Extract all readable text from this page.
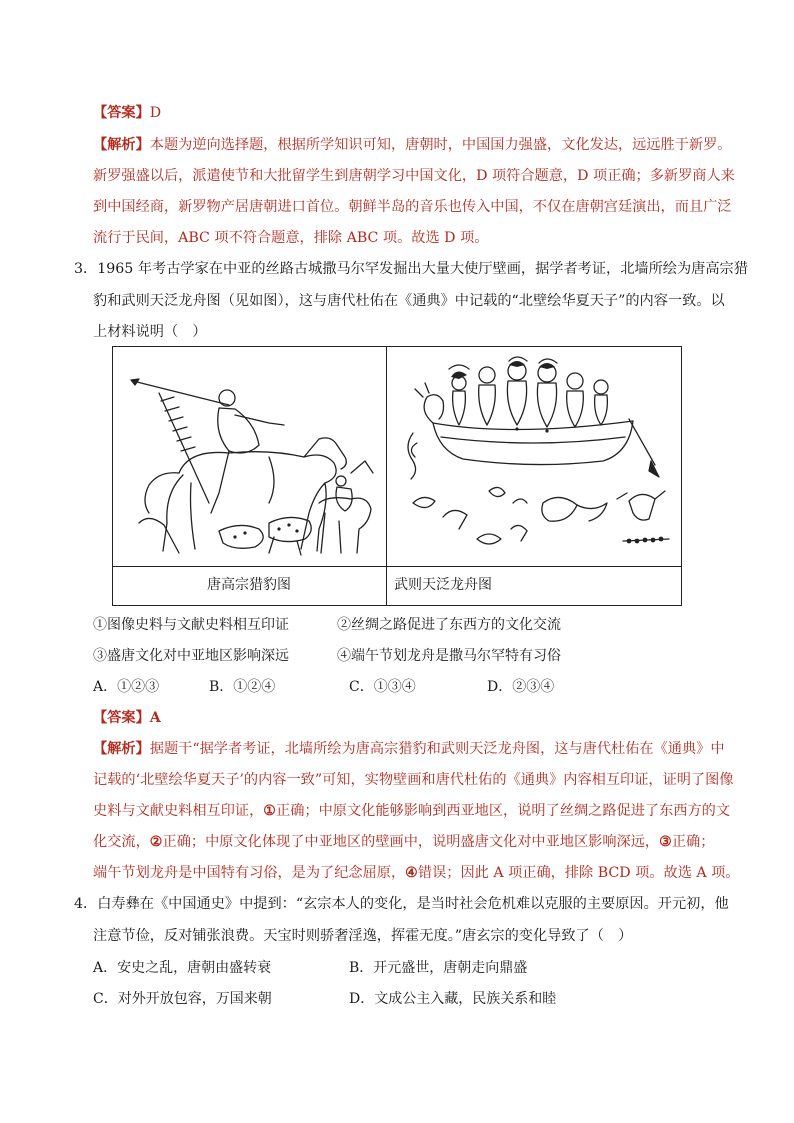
【答案】D
【解析】本题为逆向选择题，根据所学知识可知，唐朝时，中国国力强盛，文化发达，远远胜于新罗。
新罗强盛以后，派遣使节和大批留学生到唐朝学习中国文化，D 项符合题意，D 项正确；多新罗商人来
到中国经商，新罗物产居唐朝进口首位。朝鲜半岛的音乐也传入中国，不仅在唐朝宫廷演出，而且广泛
流行于民间，ABC 项不符合题意，排除 ABC 项。故选 D 项。
3．1965 年考古学家在中亚的丝路古城撒马尔罕发掘出大量大使厅壁画，据学者考证，北墙所绘为唐高宗猎
豹和武则天泛龙舟图（见如图），这与唐代杜佑在《通典》中记载的“北壁绘华夏天子”的内容一致。以
上材料说明（　）
唐高宗猎豹图	武则天泛龙舟图
①图像史料与文献史料相互印证	②丝绸之路促进了东西方的文化交流
③盛唐文化对中亚地区影响深远	④端午节划龙舟是撒马尔罕特有习俗
A．①②③	B．①②④	C．①③④	D．②③④
【答案】A
【解析】据题干“据学者考证，北墙所绘为唐高宗猎豹和武则天泛龙舟图，这与唐代杜佑在《通典》中
记载的‘北壁绘华夏天子’的内容一致”可知，实物壁画和唐代杜佑的《通典》内容相互印证，证明了图像
史料与文献史料相互印证，①正确；中原文化能够影响到西亚地区，说明了丝绸之路促进了东西方的文
化交流，②正确；中原文化体现了中亚地区的壁画中，说明盛唐文化对中亚地区影响深远，③正确；
端午节划龙舟是中国特有习俗，是为了纪念屈原，④错误；因此 A 项正确，排除 BCD 项。故选 A 项。
4．白寿彝在《中国通史》中提到：“玄宗本人的变化，是当时社会危机难以克服的主要原因。开元初，他
注意节俭，反对铺张浪费。天宝时则骄奢淫逸，挥霍无度。”唐玄宗的变化导致了（　）
A．安史之乱，唐朝由盛转衰	B．开元盛世，唐朝走向鼎盛
C．对外开放包容，万国来朝	D．文成公主入藏，民族关系和睦
